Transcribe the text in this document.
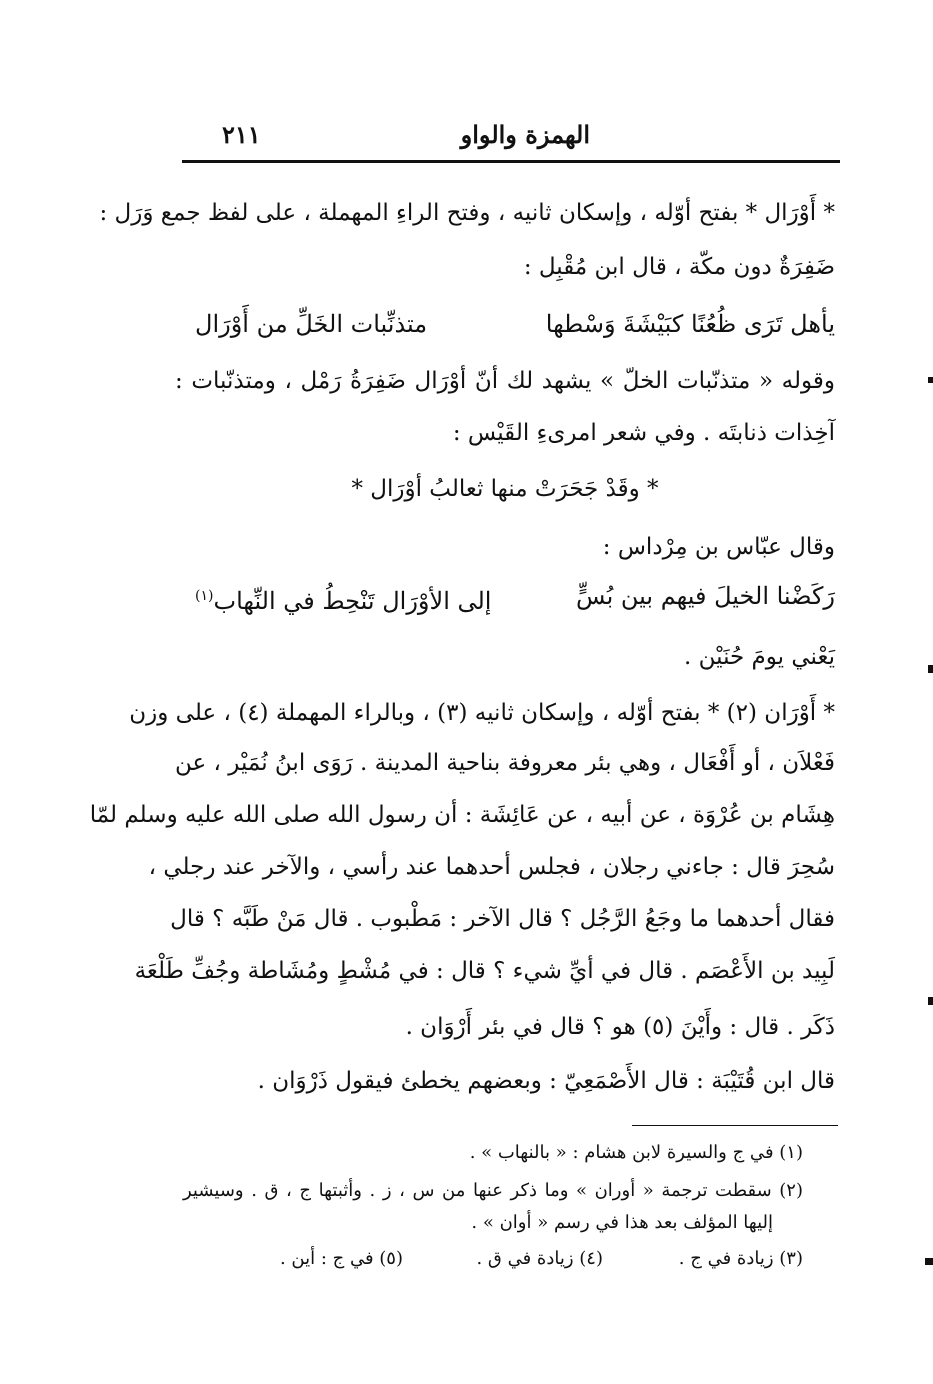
الهمزة والواو
٢١١
* أَوْرَال * بفتح أوّله ، وإسكان ثانيه ، وفتح الراءِ المهملة ، على لفظ جمع وَرَل :
ضَفِرَةٌ دون مكّة ، قال ابن مُقْبِل :
يأهل تَرَى ظُعُنًا كبَيْشَةَ وَسْطها
متذنِّبات الخَلِّ من أَوْرَال
وقوله « متذنّبات الخلّ » يشهد لك أنّ أوْرَال ضَفِرَةُ رَمْل ، ومتذنّبات :
آخِذات ذنابتَه . وفي شعر امرىءِ القَيْس :
* وقَدْ جَحَرَتْ منها ثعالبُ أوْرَال *
وقال عبّاس بن مِرْداس :
رَكَضْنا الخيلَ فيهم بين بُسٍّ
إلى الأوْرَال تَنْحِطُ في النِّهاب$^{(١)}$
يَعْني يومَ حُنَيْن .
* أَوْرَان (٢) * بفتح أوّله ، وإسكان ثانيه (٣) ، وبالراء المهملة (٤) ، على وزن
فَعْلاَن ، أو أَفْعَال ، وهي بئر معروفة بناحية المدينة . رَوَى ابنُ نُمَيْر ، عن
هِشَام بن عُرْوَة ، عن أبيه ، عن عَائِشَة : أن رسول الله صلى الله عليه وسلم لمّا
سُحِرَ قال : جاءني رجلان ، فجلس أحدهما عند رأسي ، والآخر عند رجلي ،
فقال أحدهما ما وجَعُ الرَّجُل ؟ قال الآخر : مَطْبوب . قال مَنْ طَبَّه ؟ قال
لَبِيد بن الأَعْصَم . قال في أيِّ شيء ؟ قال : في مُشْطٍ ومُشَاطة وجُفِّ طَلْعَة
ذَكَر . قال : وأَيْنَ (٥) هو ؟ قال في بئر أَرْوَان .
قال ابن قُتَيْبَة : قال الأَصْمَعِيّ : وبعضهم يخطئ فيقول ذَرْوَان .
(١) في ج والسيرة لابن هشام : « بالنهاب » .
(٢) سقطت ترجمة « أوران » وما ذكر عنها من س ، ز . وأثبتها ج ، ق . وسيشير
إليها المؤلف بعد هذا في رسم « أوان » .
(٣) زيادة في ج .
(٤) زيادة في ق .
(٥) في ج : أين .
